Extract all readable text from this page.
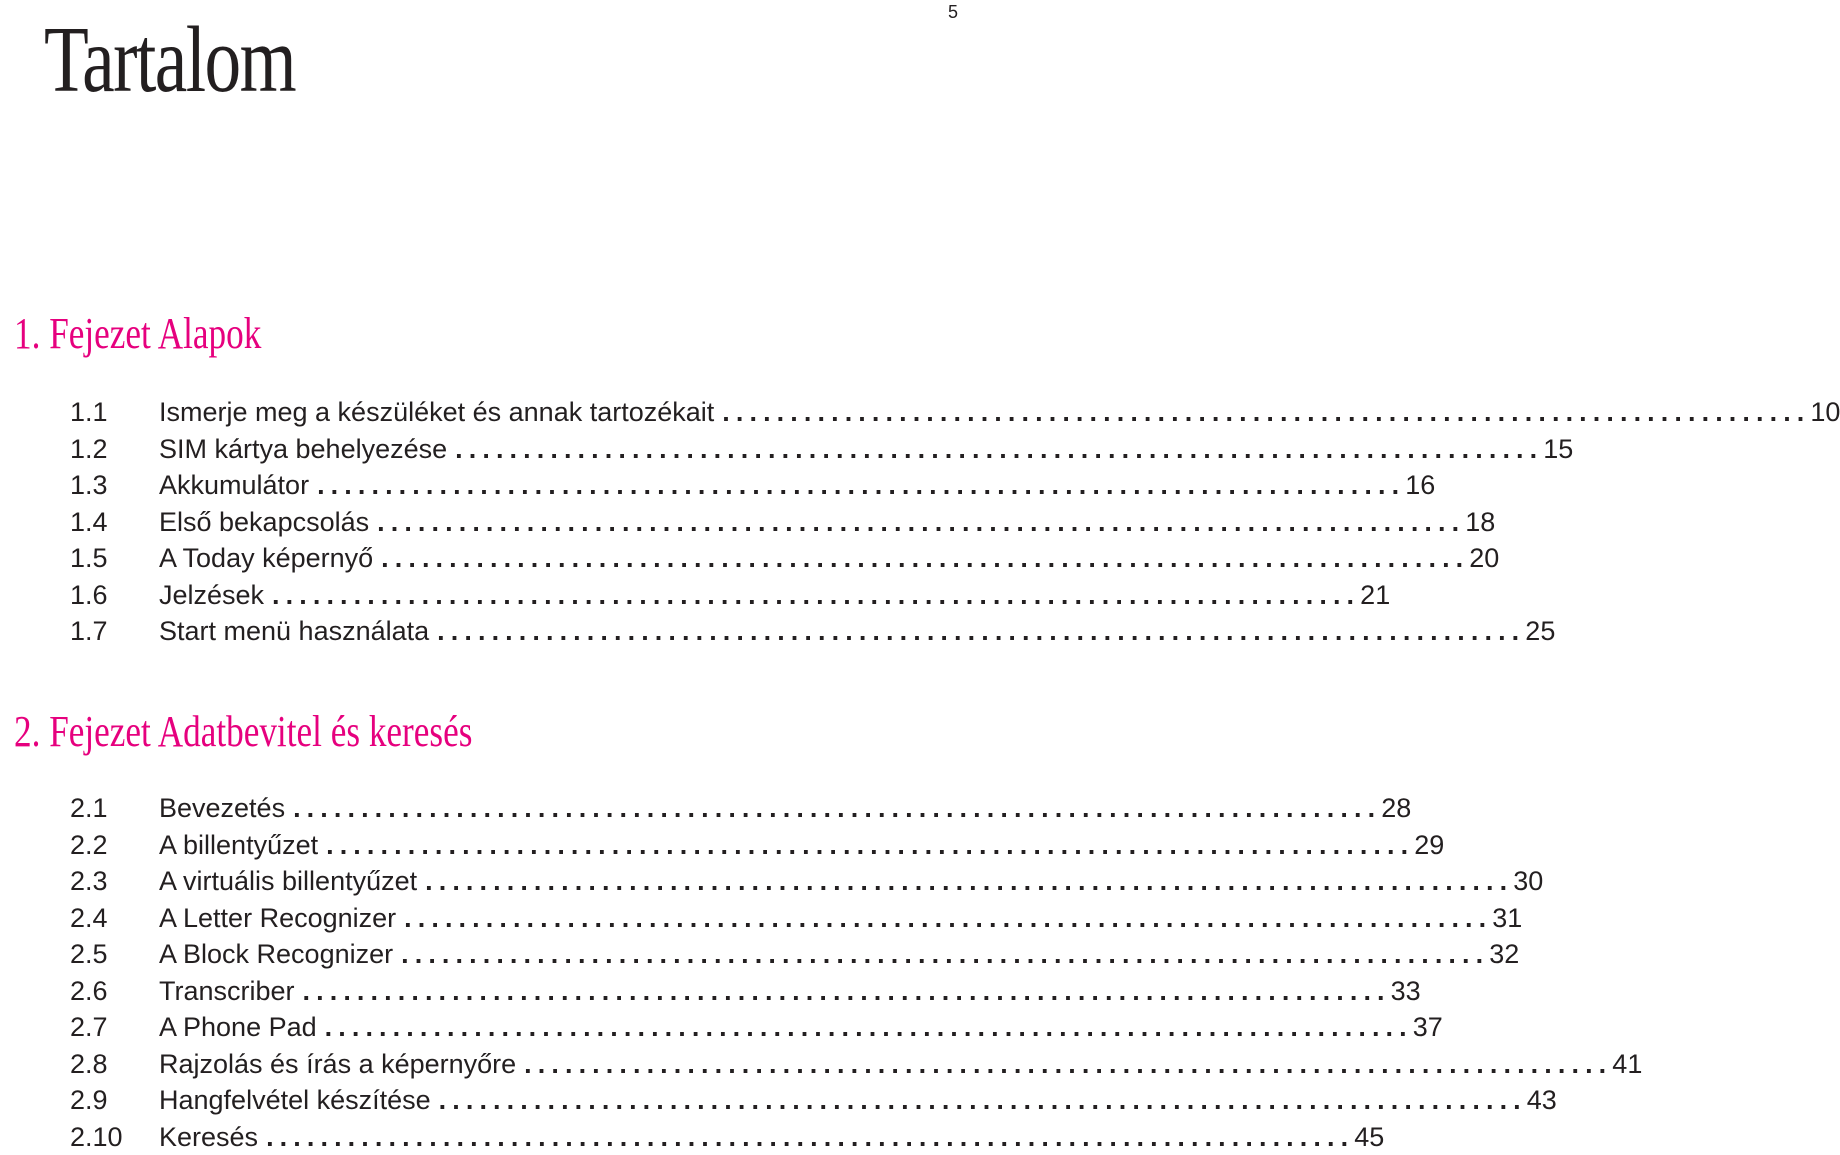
5
Tartalom
1. Fejezet Alapok
1.1	Ismerje meg a készüléket és annak tartozékait ................................................................................ 10
1.2	SIM kártya behelyezése ................................................................................ 15
1.3	Akkumulátor ................................................................................ 16
1.4	Első bekapcsolás ................................................................................ 18
1.5	A Today képernyő ................................................................................ 20
1.6	Jelzések ................................................................................ 21
1.7	Start menü használata ................................................................................ 25
2. Fejezet Adatbevitel és keresés
2.1	Bevezetés ................................................................................ 28
2.2	A billentyűzet ................................................................................ 29
2.3	A virtuális billentyűzet ................................................................................ 30
2.4	A Letter Recognizer ................................................................................ 31
2.5	A Block Recognizer ................................................................................ 32
2.6	Transcriber ................................................................................ 33
2.7	A Phone Pad ................................................................................ 37
2.8	Rajzolás és írás a képernyőre ................................................................................ 41
2.9	Hangfelvétel készítése ................................................................................ 43
2.10	Keresés ................................................................................ 45
